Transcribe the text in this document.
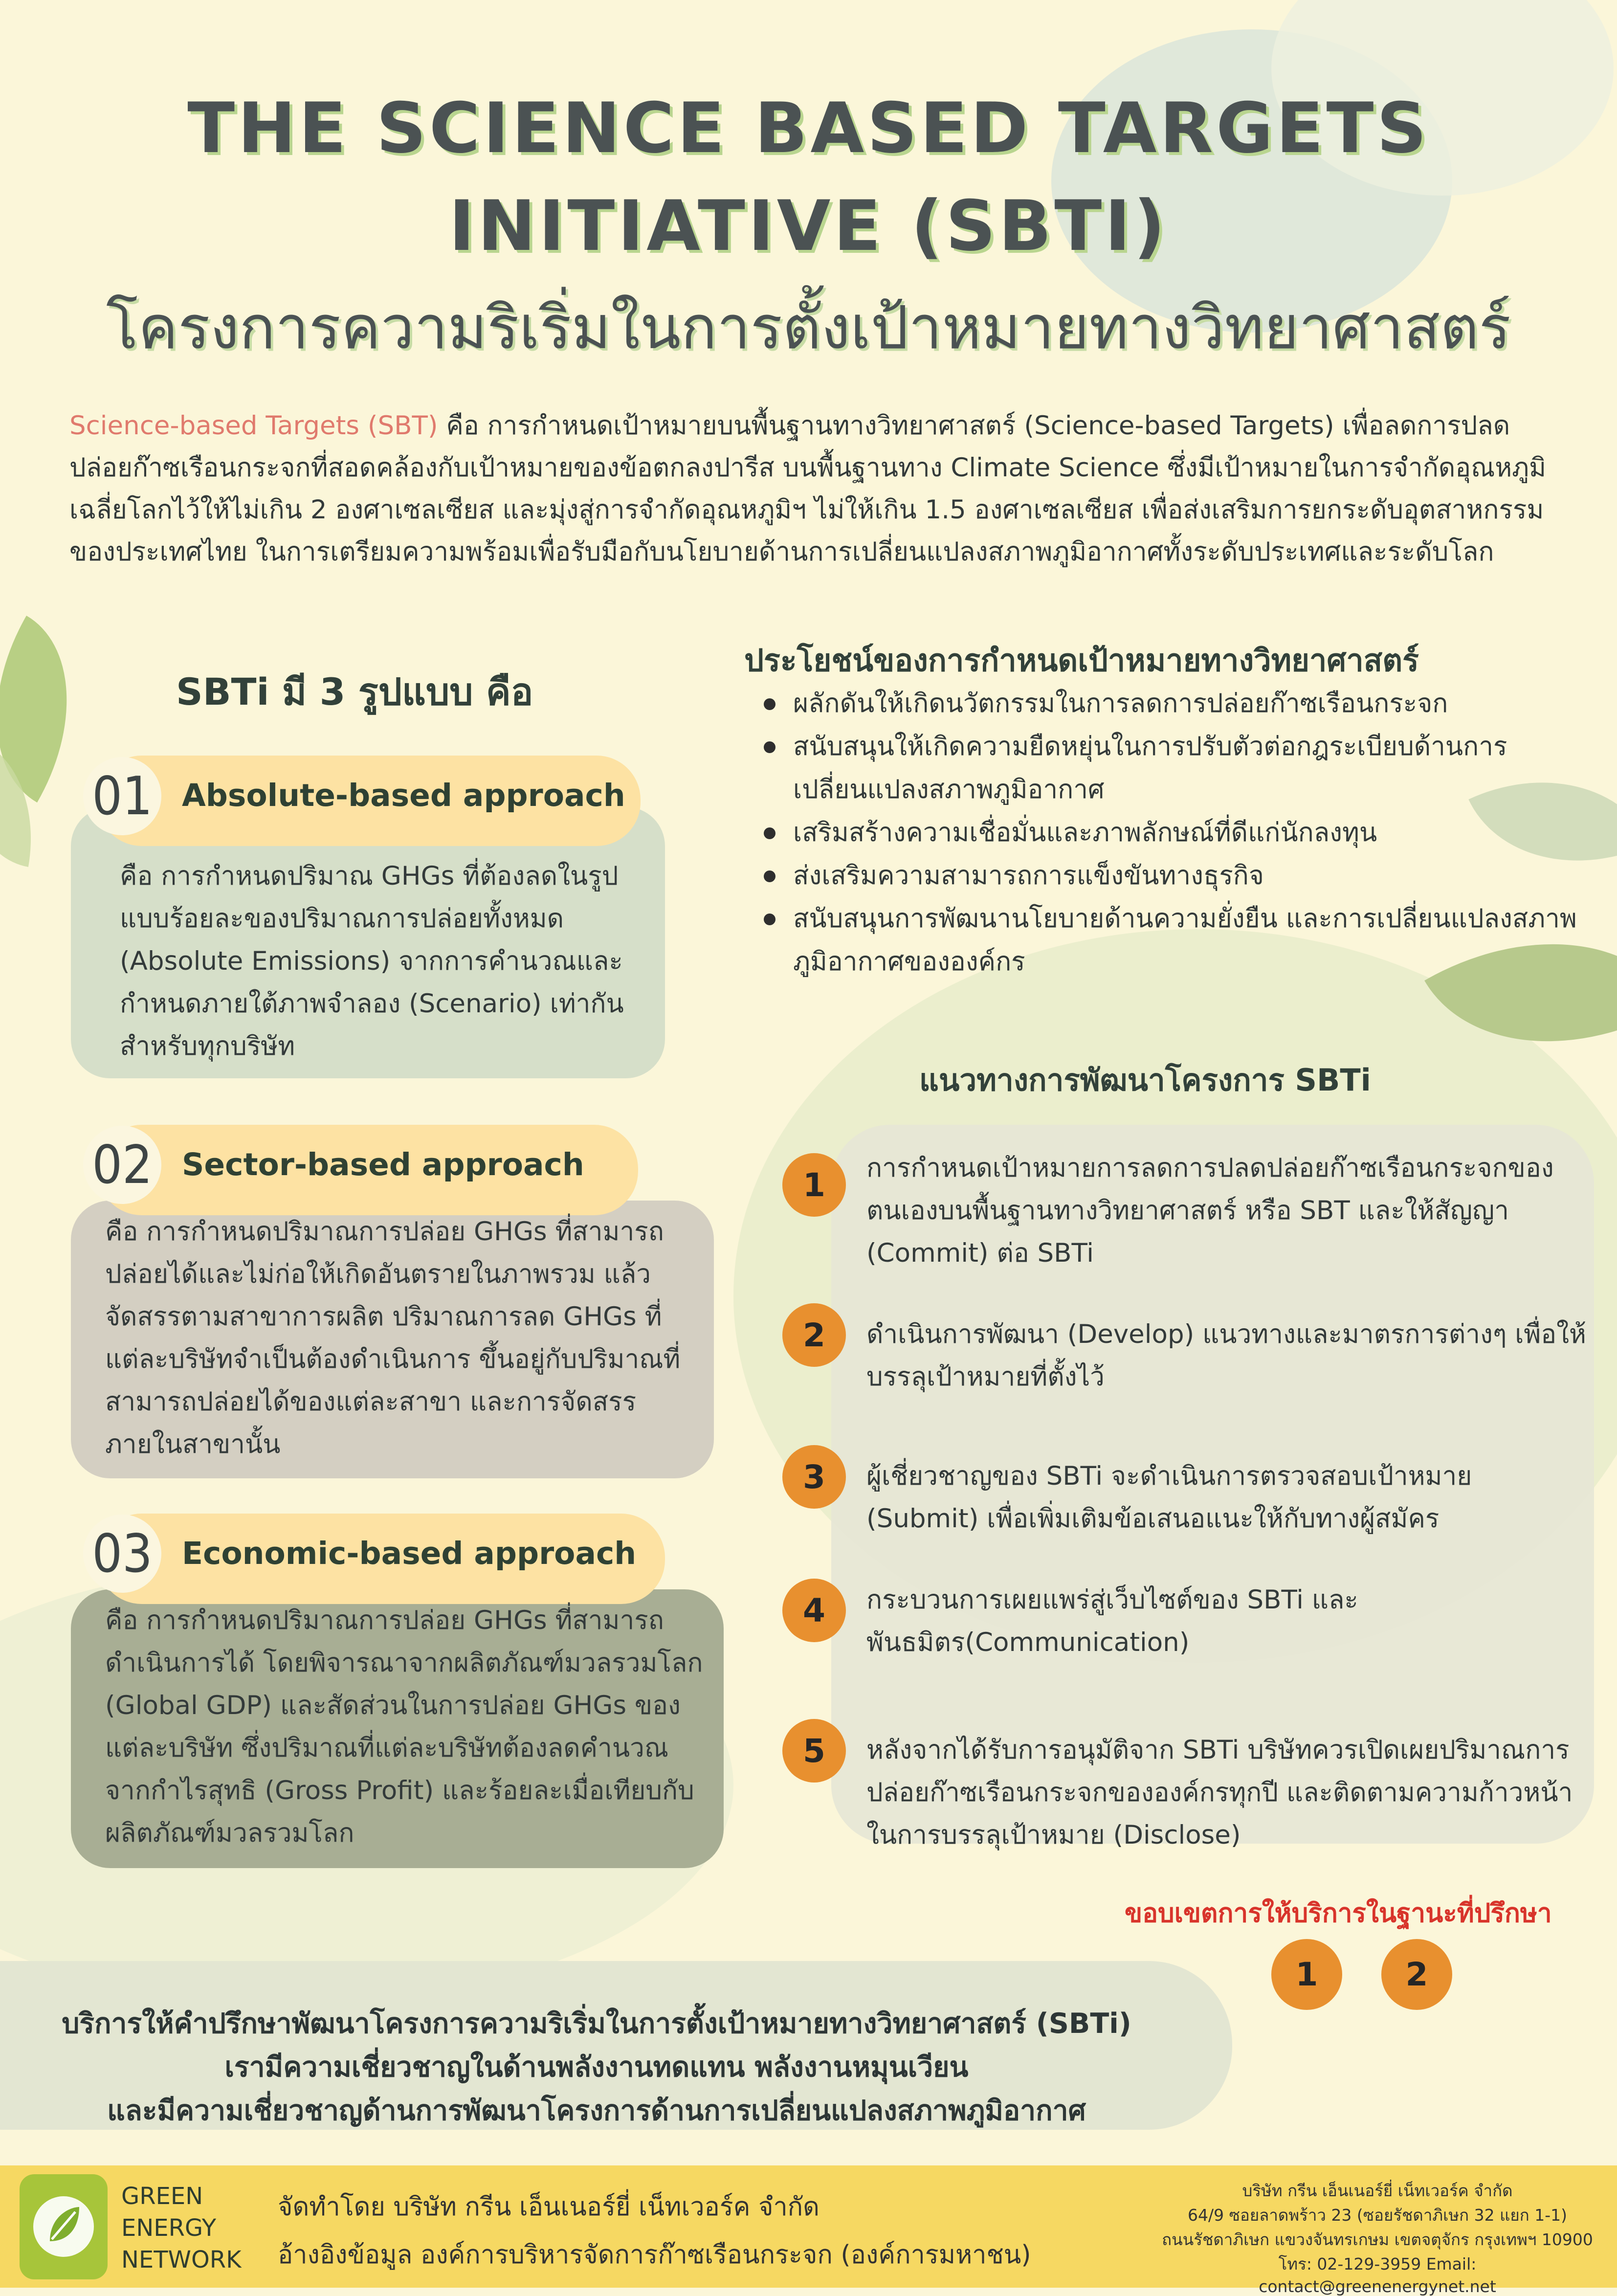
THE SCIENCE BASED TARGETS
INITIATIVE (SBTI)
โครงการความริเริ่มในการตั้งเป้าหมายทางวิทยาศาสตร์

Science-based Targets (SBT) คือ การกำหนดเป้าหมายบนพื้นฐานทางวิทยาศาสตร์ (Science-based Targets) เพื่อลดการปลดปล่อยก๊าซเรือนกระจกที่สอดคล้องกับเป้าหมายของข้อตกลงปารีส บนพื้นฐานทาง Climate Science ซึ่งมีเป้าหมายในการจำกัดอุณหภูมิเฉลี่ยโลกไว้ให้ไม่เกิน 2 องศาเซลเซียส และมุ่งสู่การจำกัดอุณหภูมิฯ ไม่ให้เกิน 1.5 องศาเซลเซียส เพื่อส่งเสริมการยกระดับอุตสาหกรรมของประเทศไทย ในการเตรียมความพร้อมเพื่อรับมือกับนโยบายด้านการเปลี่ยนแปลงสภาพภูมิอากาศทั้งระดับประเทศและระดับโลก

SBTi มี 3 รูปแบบ คือ
01 Absolute-based approach

คือ การกำหนดปริมาณ GHGs ที่ต้องลดในรูปแบบร้อยละของปริมาณการปล่อยทั้งหมด (Absolute Emissions) จากการคำนวณและกำหนดภายใต้ภาพจำลอง (Scenario) เท่ากันสำหรับทุกบริษัท

02 Sector-based approach

คือ การกำหนดปริมาณการปล่อย GHGs ที่สามารถปล่อยได้และไม่ก่อให้เกิดอันตรายในภาพรวม แล้วจัดสรรตามสาขาการผลิต ปริมาณการลด GHGs ที่แต่ละบริษัทจำเป็นต้องดำเนินการ ขึ้นอยู่กับปริมาณที่สามารถปล่อยได้ของแต่ละสาขา และการจัดสรรภายในสาขานั้น

03 Economic-based approach

คือ การกำหนดปริมาณการปล่อย GHGs ที่สามารถดำเนินการได้ โดยพิจารณาจากผลิตภัณฑ์มวลรวมโลก (Global GDP) และสัดส่วนในการปล่อย GHGs ของแต่ละบริษัท ซึ่งปริมาณที่แต่ละบริษัทต้องลดคำนวณจากกำไรสุทธิ (Gross Profit) และร้อยละเมื่อเทียบกับผลิตภัณฑ์มวลรวมโลก

ประโยชน์ของการกำหนดเป้าหมายทางวิทยาศาสตร์
ผลักดันให้เกิดนวัตกรรมในการลดการปล่อยก๊าซเรือนกระจก
สนับสนุนให้เกิดความยืดหยุ่นในการปรับตัวต่อกฎระเบียบด้านการเปลี่ยนแปลงสภาพภูมิอากาศ
เสริมสร้างความเชื่อมั่นและภาพลักษณ์ที่ดีแก่นักลงทุน
ส่งเสริมความสามารถการแข็งขันทางธุรกิจ
สนับสนุนการพัฒนานโยบายด้านความยั่งยืน และการเปลี่ยนแปลงสภาพภูมิอากาศขององค์กร
แนวทางการพัฒนาโครงการ SBTi
1	การกำหนดเป้าหมายการลดการปลดปล่อยก๊าซเรือนกระจกของตนเองบนพื้นฐานทางวิทยาศาสตร์ หรือ SBT และให้สัญญา (Commit) ต่อ SBTi

2	ดำเนินการพัฒนา (Develop) แนวทางและมาตรการต่างๆ เพื่อให้บรรลุเป้าหมายที่ตั้งไว้

3	ผู้เชี่ยวชาญของ SBTi จะดำเนินการตรวจสอบเป้าหมาย (Submit) เพื่อเพิ่มเติมข้อเสนอแนะให้กับทางผู้สมัคร

4	กระบวนการเผยแพร่สู่เว็บไซต์ของ SBTi และพันธมิตร(Communication)

5	หลังจากได้รับการอนุมัติจาก SBTi บริษัทควรเปิดเผยปริมาณการปล่อยก๊าซเรือนกระจกขององค์กรทุกปี และติดตามความก้าวหน้าในการบรรลุเป้าหมาย (Disclose)

ขอบเขตการให้บริการในฐานะที่ปรึกษา
1	2
บริการให้คำปรึกษาพัฒนาโครงการความริเริ่มในการตั้งเป้าหมายทางวิทยาศาสตร์ (SBTi)
เรามีความเชี่ยวชาญในด้านพลังงานทดแทน พลังงานหมุนเวียน
และมีความเชี่ยวชาญด้านการพัฒนาโครงการด้านการเปลี่ยนแปลงสภาพภูมิอากาศ
GREEN
ENERGY
NETWORK
จัดทำโดย บริษัท กรีน เอ็นเนอร์ยี่ เน็ทเวอร์ค จำกัด
อ้างอิงข้อมูล องค์การบริหารจัดการก๊าซเรือนกระจก (องค์การมหาชน)
บริษัท กรีน เอ็นเนอร์ยี่ เน็ทเวอร์ค จำกัด
64/9 ซอยลาดพร้าว 23 (ซอยรัชดาภิเษก 32 แยก 1-1)
ถนนรัชดาภิเษก แขวงจันทรเกษม เขตจตุจักร กรุงเทพฯ 10900
โทร: 02-129-3959 Email: contact@greenenergynet.net
